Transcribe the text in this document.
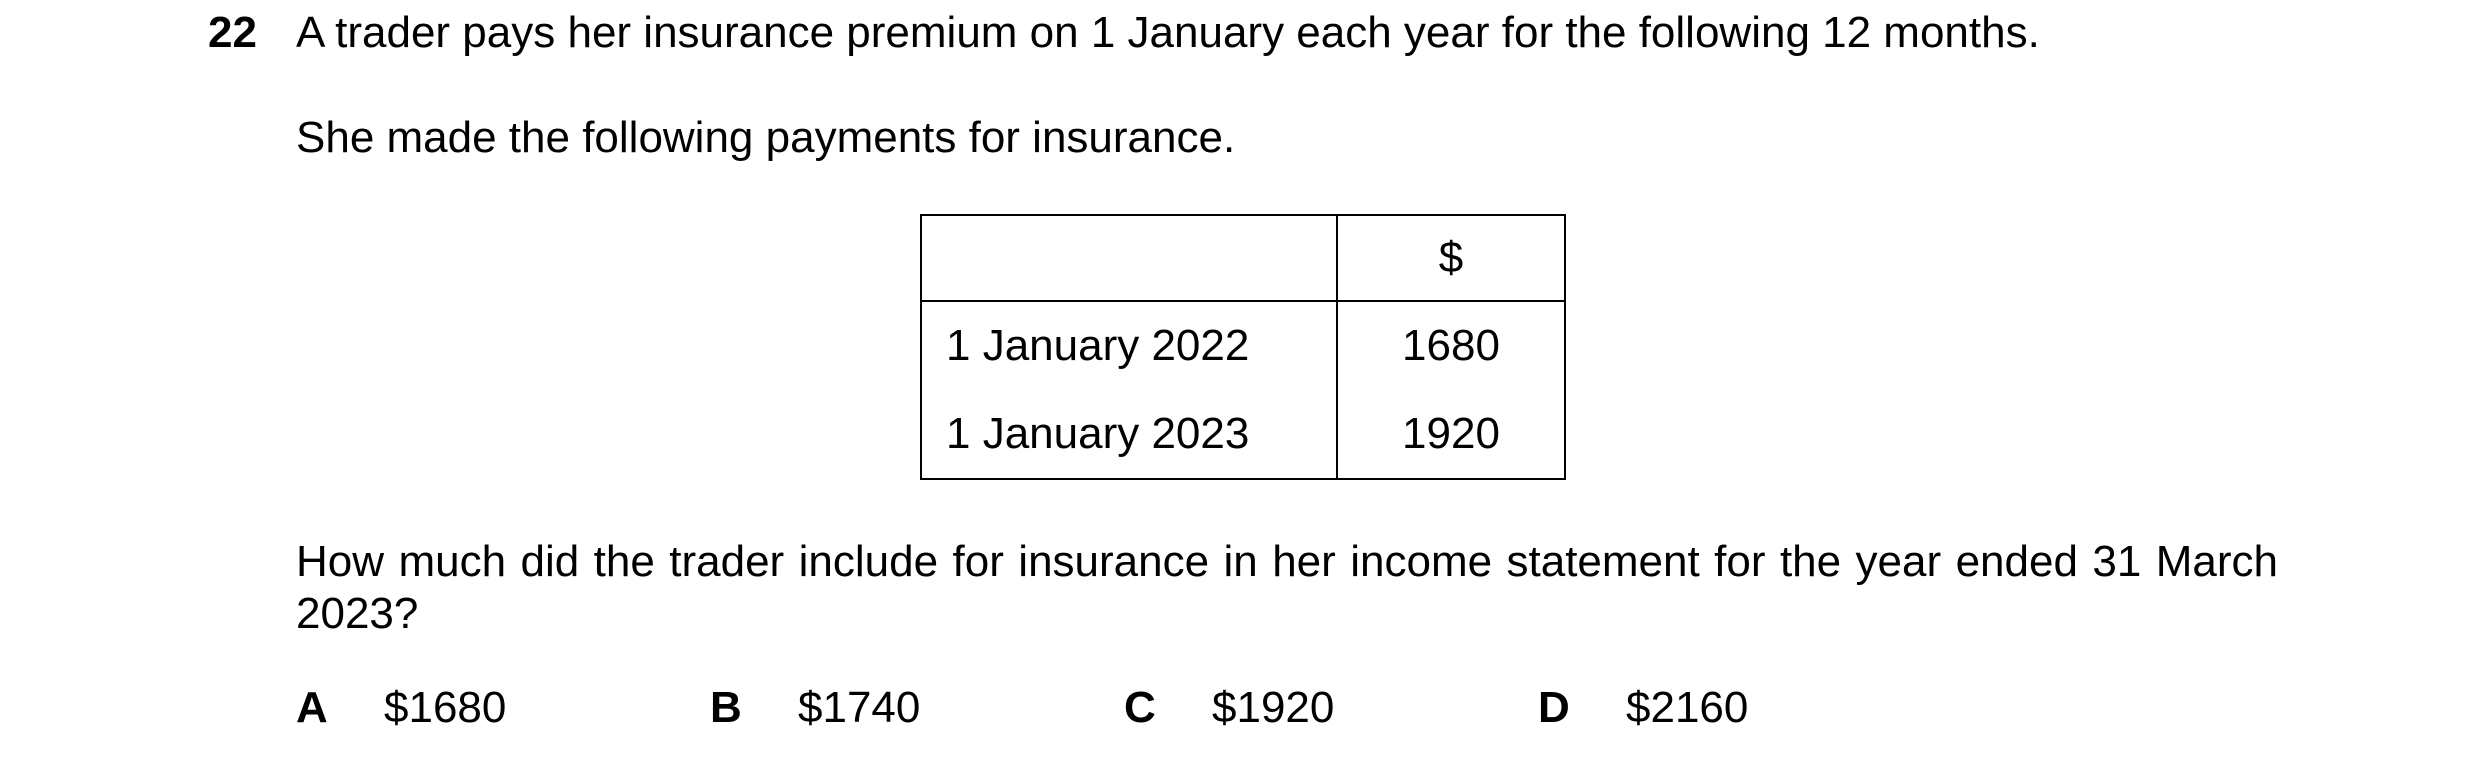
22 A trader pays her insurance premium on 1 January each year for the following 12 months.
She made the following payments for insurance.
	$
1 January 2022	1680
1 January 2023	1920
How much did the trader include for insurance in her income statement for the year ended 31 March 2023?
A $1680	B $1740	C $1920	D $2160
